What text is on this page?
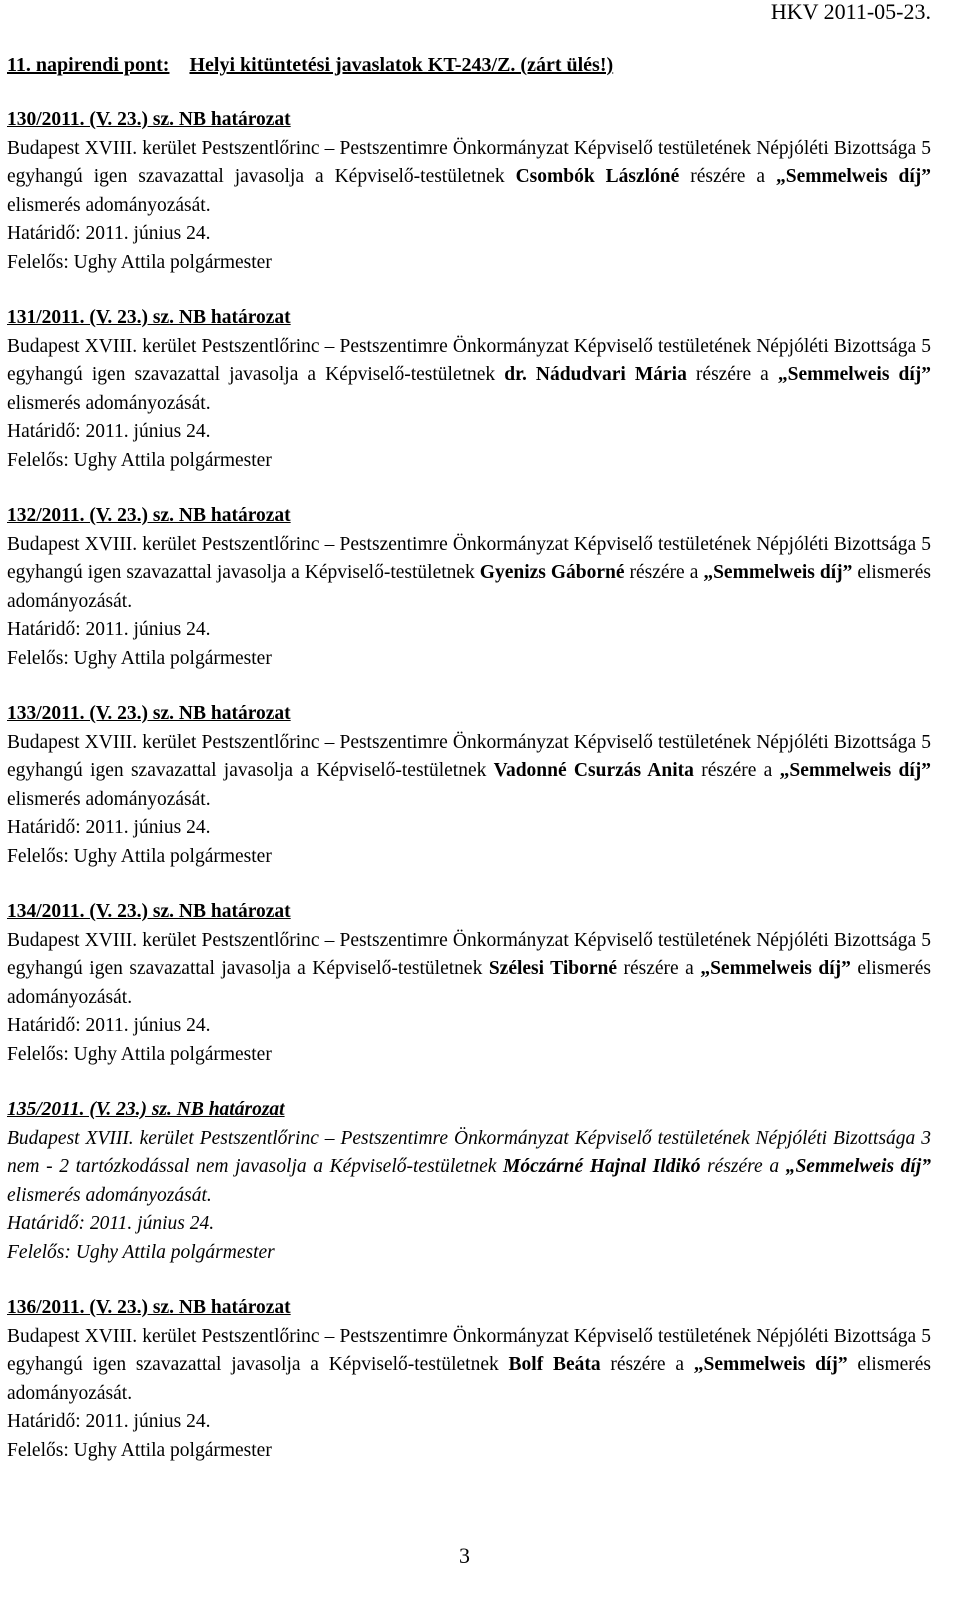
HKV 2011-05-23.
11. napirendi pont: Helyi kitüntetési javaslatok KT-243/Z. (zárt ülés!)
130/2011. (V. 23.) sz. NB határozat
Budapest XVIII. kerület Pestszentlőrinc – Pestszentimre Önkormányzat Képviselő testületének Népjóléti Bizottsága 5 egyhangú igen szavazattal javasolja a Képviselő-testületnek Csombók Lászlóné részére a „Semmelweis díj” elismerés adományozását.
Határidő: 2011. június 24.
Felelős: Ughy Attila polgármester
131/2011. (V. 23.) sz. NB határozat
Budapest XVIII. kerület Pestszentlőrinc – Pestszentimre Önkormányzat Képviselő testületének Népjóléti Bizottsága 5 egyhangú igen szavazattal javasolja a Képviselő-testületnek dr. Nádudvari Mária részére a „Semmelweis díj” elismerés adományozását.
Határidő: 2011. június 24.
Felelős: Ughy Attila polgármester
132/2011. (V. 23.) sz. NB határozat
Budapest XVIII. kerület Pestszentlőrinc – Pestszentimre Önkormányzat Képviselő testületének Népjóléti Bizottsága 5 egyhangú igen szavazattal javasolja a Képviselő-testületnek Gyenizs Gáborné részére a „Semmelweis díj” elismerés adományozását.
Határidő: 2011. június 24.
Felelős: Ughy Attila polgármester
133/2011. (V. 23.) sz. NB határozat
Budapest XVIII. kerület Pestszentlőrinc – Pestszentimre Önkormányzat Képviselő testületének Népjóléti Bizottsága 5 egyhangú igen szavazattal javasolja a Képviselő-testületnek Vadonné Csurzás Anita részére a „Semmelweis díj” elismerés adományozását.
Határidő: 2011. június 24.
Felelős: Ughy Attila polgármester
134/2011. (V. 23.) sz. NB határozat
Budapest XVIII. kerület Pestszentlőrinc – Pestszentimre Önkormányzat Képviselő testületének Népjóléti Bizottsága 5 egyhangú igen szavazattal javasolja a Képviselő-testületnek Szélesi Tiborné részére a „Semmelweis díj” elismerés adományozását.
Határidő: 2011. június 24.
Felelős: Ughy Attila polgármester
135/2011. (V. 23.) sz. NB határozat
Budapest XVIII. kerület Pestszentlőrinc – Pestszentimre Önkormányzat Képviselő testületének Népjóléti Bizottsága 3 nem - 2 tartózkodással nem javasolja a Képviselő-testületnek Móczárné Hajnal Ildikó részére a „Semmelweis díj” elismerés adományozását.
Határidő: 2011. június 24.
Felelős: Ughy Attila polgármester
136/2011. (V. 23.) sz. NB határozat
Budapest XVIII. kerület Pestszentlőrinc – Pestszentimre Önkormányzat Képviselő testületének Népjóléti Bizottsága 5 egyhangú igen szavazattal javasolja a Képviselő-testületnek Bolf Beáta részére a „Semmelweis díj” elismerés adományozását.
Határidő: 2011. június 24.
Felelős: Ughy Attila polgármester
3
